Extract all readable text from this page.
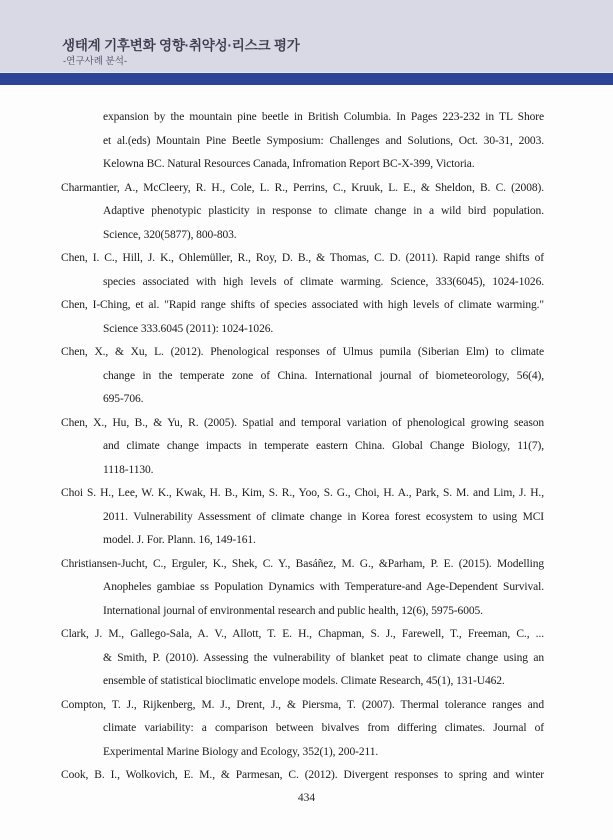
생태계 기후변화 영향·취약성·리스크 평가
-연구사례 분석-
expansion by the mountain pine beetle in British Columbia. In Pages 223-232 in TL Shore
et al.(eds) Mountain Pine Beetle Symposium: Challenges and Solutions, Oct. 30-31, 2003.
Kelowna BC. Natural Resources Canada, Infromation Report BC-X-399, Victoria.
Charmantier, A., McCleery, R. H., Cole, L. R., Perrins, C., Kruuk, L. E., & Sheldon, B. C. (2008).
Adaptive phenotypic plasticity in response to climate change in a wild bird population.
Science, 320(5877), 800-803.
Chen, I. C., Hill, J. K., Ohlemüller, R., Roy, D. B., & Thomas, C. D. (2011). Rapid range shifts of
species associated with high levels of climate warming. Science, 333(6045), 1024-1026.
Chen, I-Ching, et al. "Rapid range shifts of species associated with high levels of climate warming."
Science 333.6045 (2011): 1024-1026.
Chen, X., & Xu, L. (2012). Phenological responses of Ulmus pumila (Siberian Elm) to climate
change in the temperate zone of China. International journal of biometeorology, 56(4),
695-706.
Chen, X., Hu, B., & Yu, R. (2005). Spatial and temporal variation of phenological growing season
and climate change impacts in temperate eastern China. Global Change Biology, 11(7),
1118-1130.
Choi S. H., Lee, W. K., Kwak, H. B., Kim, S. R., Yoo, S. G., Choi, H. A., Park, S. M. and Lim, J. H.,
2011. Vulnerability Assessment of climate change in Korea forest ecosystem to using MCI
model. J. For. Plann. 16, 149-161.
Christiansen-Jucht, C., Erguler, K., Shek, C. Y., Basáñez, M. G., &Parham, P. E. (2015). Modelling
Anopheles gambiae ss Population Dynamics with Temperature-and Age-Dependent Survival.
International journal of environmental research and public health, 12(6), 5975-6005.
Clark, J. M., Gallego-Sala, A. V., Allott, T. E. H., Chapman, S. J., Farewell, T., Freeman, C., ...
& Smith, P. (2010). Assessing the vulnerability of blanket peat to climate change using an
ensemble of statistical bioclimatic envelope models. Climate Research, 45(1), 131-U462.
Compton, T. J., Rijkenberg, M. J., Drent, J., & Piersma, T. (2007). Thermal tolerance ranges and
climate variability: a comparison between bivalves from differing climates. Journal of
Experimental Marine Biology and Ecology, 352(1), 200-211.
Cook, B. I., Wolkovich, E. M., & Parmesan, C. (2012). Divergent responses to spring and winter
434
